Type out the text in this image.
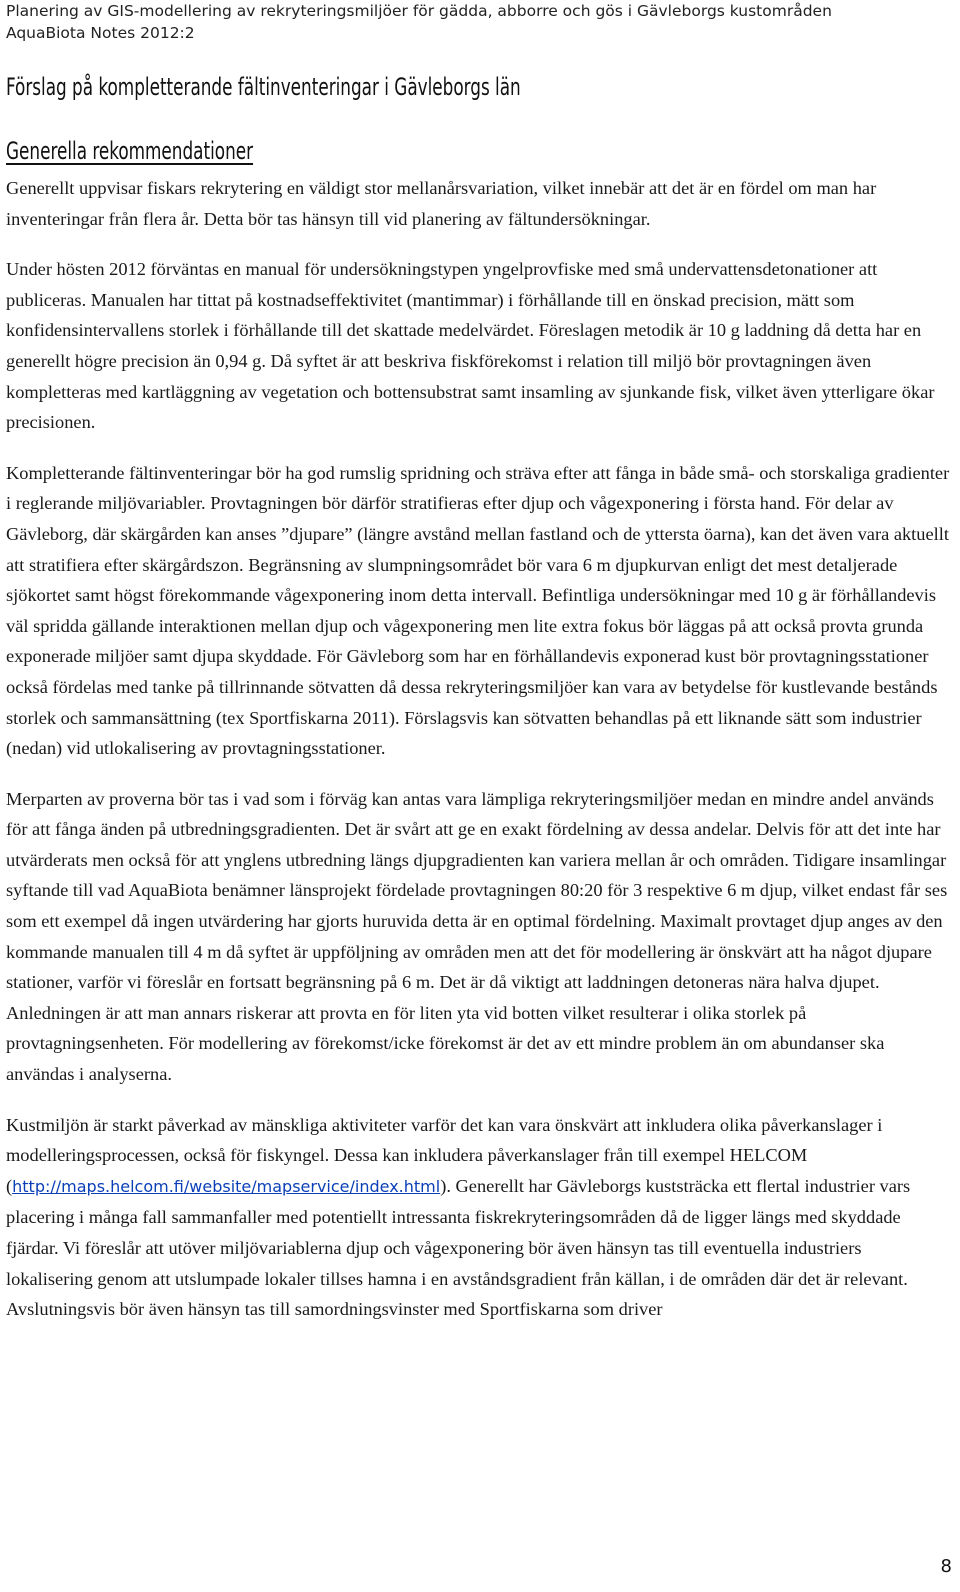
Planering av GIS-modellering av rekryteringsmiljöer för gädda, abborre och gös i Gävleborgs kustområden
AquaBiota Notes 2012:2
Förslag på kompletterande fältinventeringar i Gävleborgs län
Generella rekommendationer

Generellt uppvisar fiskars rekrytering en väldigt stor mellanårsvariation, vilket innebär att det är en fördel om man har inventeringar från flera år. Detta bör tas hänsyn till vid planering av fältundersökningar.

Under hösten 2012 förväntas en manual för undersökningstypen yngelprovfiske med små undervattensdetonationer att publiceras. Manualen har tittat på kostnadseffektivitet (mantimmar) i förhållande till en önskad precision, mätt som konfidensintervallens storlek i förhållande till det skattade medelvärdet. Föreslagen metodik är 10 g laddning då detta har en generellt högre precision än 0,94 g. Då syftet är att beskriva fiskförekomst i relation till miljö bör provtagningen även kompletteras med kartläggning av vegetation och bottensubstrat samt insamling av sjunkande fisk, vilket även ytterligare ökar precisionen.

Kompletterande fältinventeringar bör ha god rumslig spridning och sträva efter att fånga in både små- och storskaliga gradienter i reglerande miljövariabler. Provtagningen bör därför stratifieras efter djup och vågexponering i första hand. För delar av Gävleborg, där skärgården kan anses ”djupare” (längre avstånd mellan fastland och de yttersta öarna), kan det även vara aktuellt att stratifiera efter skärgårdszon. Begränsning av slumpningsområdet bör vara 6 m djupkurvan enligt det mest detaljerade sjökortet samt högst förekommande vågexponering inom detta intervall. Befintliga undersökningar med 10 g är förhållandevis väl spridda gällande interaktionen mellan djup och vågexponering men lite extra fokus bör läggas på att också provta grunda exponerade miljöer samt djupa skyddade. För Gävleborg som har en förhållandevis exponerad kust bör provtagningsstationer också fördelas med tanke på tillrinnande sötvatten då dessa rekryteringsmiljöer kan vara av betydelse för kustlevande bestånds storlek och sammansättning (tex Sportfiskarna 2011). Förslagsvis kan sötvatten behandlas på ett liknande sätt som industrier (nedan) vid utlokalisering av provtagningsstationer.

Merparten av proverna bör tas i vad som i förväg kan antas vara lämpliga rekryteringsmiljöer medan en mindre andel används för att fånga änden på utbredningsgradienten. Det är svårt att ge en exakt fördelning av dessa andelar. Delvis för att det inte har utvärderats men också för att ynglens utbredning längs djupgradienten kan variera mellan år och områden. Tidigare insamlingar syftande till vad AquaBiota benämner länsprojekt fördelade provtagningen 80:20 för 3 respektive 6 m djup, vilket endast får ses som ett exempel då ingen utvärdering har gjorts huruvida detta är en optimal fördelning. Maximalt provtaget djup anges av den kommande manualen till 4 m då syftet är uppföljning av områden men att det för modellering är önskvärt att ha något djupare stationer, varför vi föreslår en fortsatt begränsning på 6 m. Det är då viktigt att laddningen detoneras nära halva djupet. Anledningen är att man annars riskerar att provta en för liten yta vid botten vilket resulterar i olika storlek på provtagningsenheten. För modellering av förekomst/icke förekomst är det av ett mindre problem än om abundanser ska användas i analyserna.

Kustmiljön är starkt påverkad av mänskliga aktiviteter varför det kan vara önskvärt att inkludera olika påverkanslager i modelleringsprocessen, också för fiskyngel. Dessa kan inkludera påverkanslager från till exempel HELCOM (http://maps.helcom.fi/website/mapservice/index.html). Generellt har Gävleborgs kuststräcka ett flertal industrier vars placering i många fall sammanfaller med potentiellt intressanta fiskrekryteringsområden då de ligger längs med skyddade fjärdar. Vi föreslår att utöver miljövariablerna djup och vågexponering bör även hänsyn tas till eventuella industriers lokalisering genom att utslumpade lokaler tillses hamna i en avståndsgradient från källan, i de områden där det är relevant. Avslutningsvis bör även hänsyn tas till samordningsvinster med Sportfiskarna som driver

8
